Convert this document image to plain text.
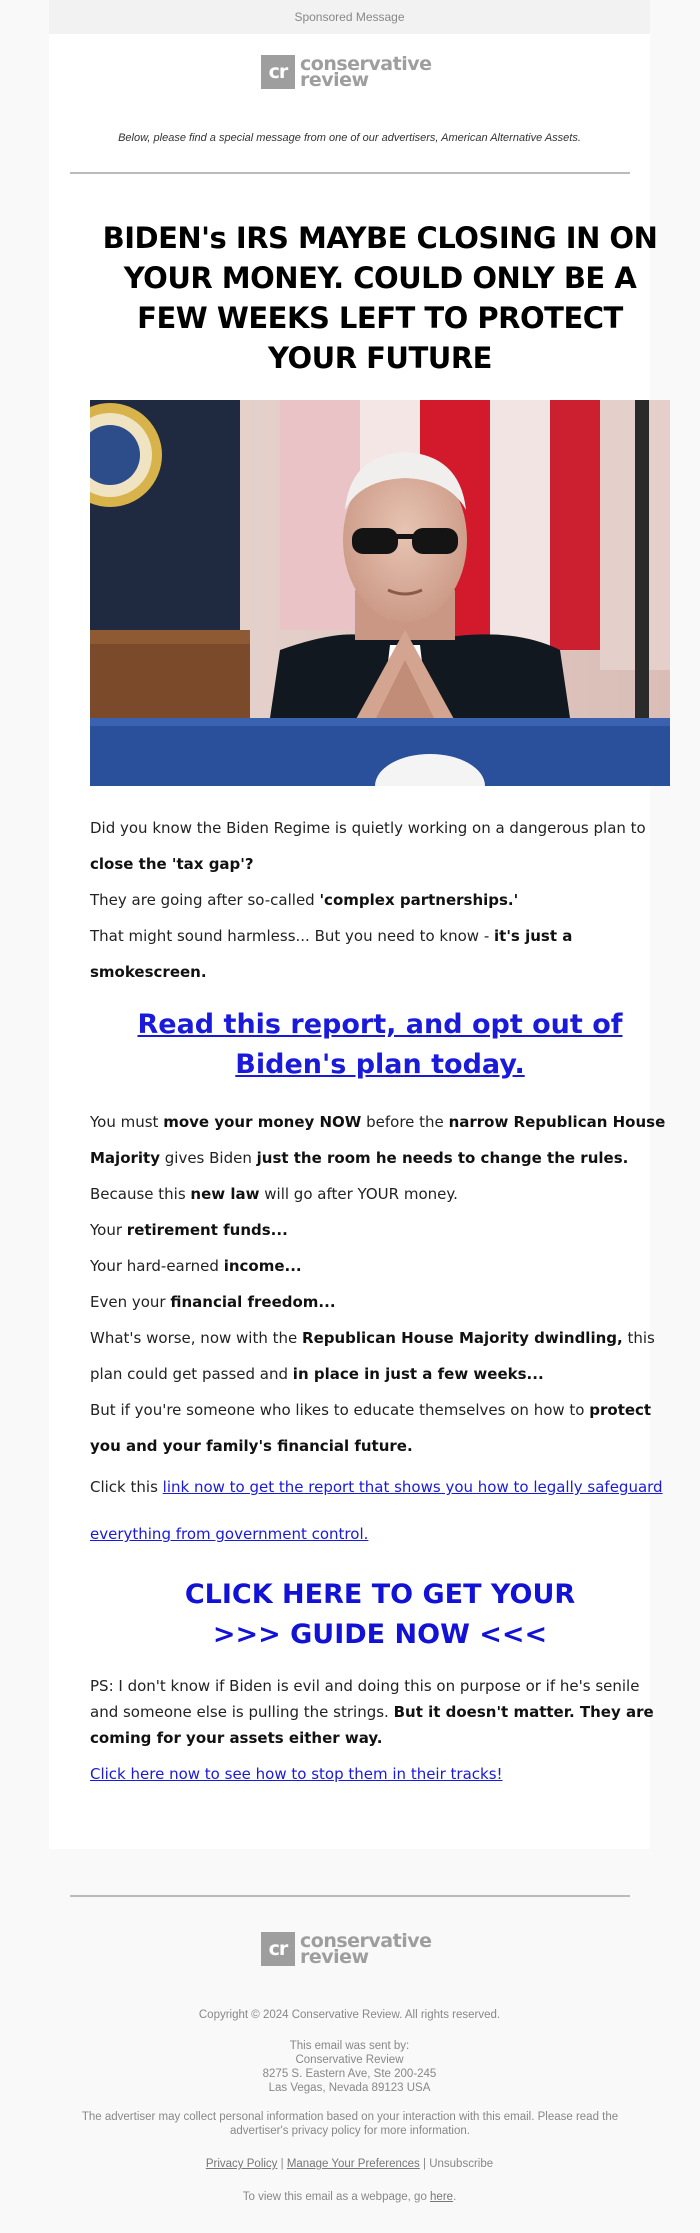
Sponsored Message
cr conservative
review
Below, please find a special message from one of our advertisers, American Alternative Assets.
BIDEN's IRS MAYBE CLOSING IN ON
YOUR MONEY. COULD ONLY BE A
FEW WEEKS LEFT TO PROTECT
YOUR FUTURE

Did you know the Biden Regime is quietly working on a dangerous plan to close the 'tax gap'?

They are going after so-called 'complex partnerships.'

That might sound harmless... But you need to know - it's just a smokescreen.

Read this report, and opt out of
Biden's plan today.

You must move your money NOW before the narrow Republican House Majority gives Biden just the room he needs to change the rules.

Because this new law will go after YOUR money.

Your retirement funds...

Your hard-earned income...

Even your financial freedom...

What's worse, now with the Republican House Majority dwindling, this plan could get passed and in place in just a few weeks...

But if you're someone who likes to educate themselves on how to protect you and your family's financial future.

Click this link now to get the report that shows you how to legally safeguard everything from government control.

CLICK HERE TO GET YOUR
>>> GUIDE NOW <<<

PS: I don't know if Biden is evil and doing this on purpose or if he's senile and someone else is pulling the strings. But it doesn't matter. They are coming for your assets either way.

Click here now to see how to stop them in their tracks!

cr conservative
review
Copyright © 2024 Conservative Review. All rights reserved.
This email was sent by:
Conservative Review
8275 S. Eastern Ave, Ste 200-245
Las Vegas, Nevada 89123 USA
The advertiser may collect personal information based on your interaction with this email. Please read the advertiser's privacy policy for more information.
Privacy Policy | Manage Your Preferences | Unsubscribe
To view this email as a webpage, go here.
